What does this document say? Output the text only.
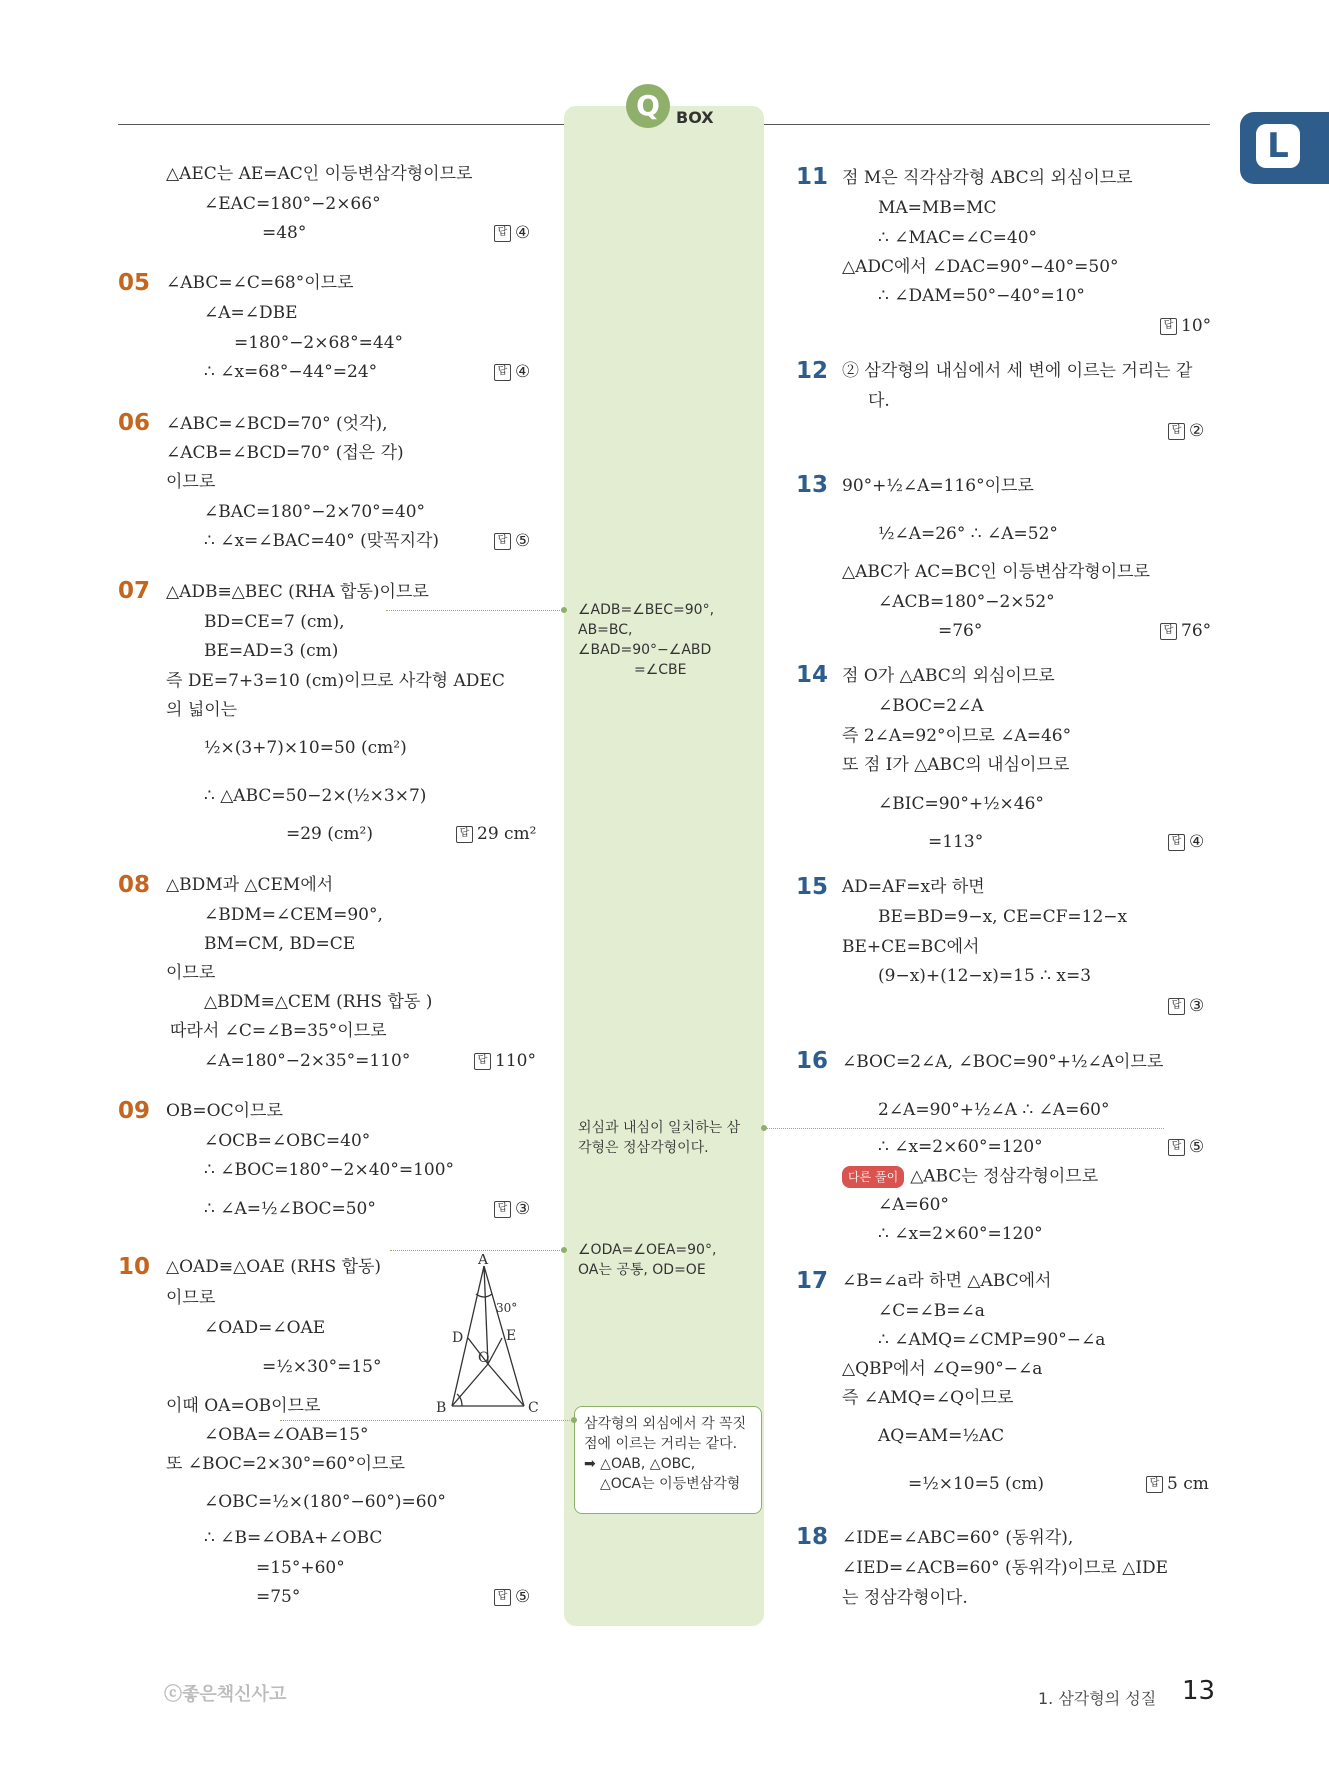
Q	BOX
L
△AEC는 AE=AC인 이등변삼각형이므로
∠EAC=180°−2×66°
=48°	답 ④
05 ∠ABC=∠C=68°이므로
∠A=∠DBE
=180°−2×68°=44°
∴ ∠x=68°−44°=24°	답 ④
06 ∠ABC=∠BCD=70° (엇각),
∠ACB=∠BCD=70° (접은 각)
이므로
∠BAC=180°−2×70°=40°
∴ ∠x=∠BAC=40° (맞꼭지각)	답 ⑤
07 △ADB≡△BEC (RHA 합동)이므로
BD=CE=7 (cm),
BE=AD=3 (cm)
즉 DE=7+3=10 (cm)이므로 사각형 ADEC
의 넓이는
½×(3+7)×10=50 (cm²)
∴ △ABC=50−2×(½×3×7)
=29 (cm²)	답 29 cm²
08 △BDM과 △CEM에서
∠BDM=∠CEM=90°,
BM=CM, BD=CE
이므로
△BDM≡△CEM (RHS 합동 )
따라서 ∠C=∠B=35°이므로
∠A=180°−2×35°=110°	답 110°
09 OB=OC이므로
∠OCB=∠OBC=40°
∴ ∠BOC=180°−2×40°=100°
∴ ∠A=½∠BOC=50°	답 ③
10 △OAD≡△OAE (RHS 합동)
이므로
∠OAD=∠OAE
=½×30°=15°
이때 OA=OB이므로
∠OBA=∠OAB=15°
또 ∠BOC=2×30°=60°이므로
∠OBC=½×(180°−60°)=60°
∴ ∠B=∠OBA+∠OBC
=15°+60°
=75°	답 ⑤
A
30°
D	E
O
B	C
∠ADB=∠BEC=90°,
AB=BC,
∠BAD=90°−∠ABD
=∠CBE
외심과 내심이 일치하는 삼
각형은 정삼각형이다.
∠ODA=∠OEA=90°,
OA는 공통, OD=OE
삼각형의 외심에서 각 꼭짓
점에 이르는 거리는 같다.
➡ △OAB, △OBC,
△OCA는 이등변삼각형
11 점 M은 직각삼각형 ABC의 외심이므로
MA=MB=MC
∴ ∠MAC=∠C=40°
△ADC에서 ∠DAC=90°−40°=50°
∴ ∠DAM=50°−40°=10°
답 10°
12 ② 삼각형의 내심에서 세 변에 이르는 거리는 같
다.
답 ②
13 90°+½∠A=116°이므로
½∠A=26° ∴ ∠A=52°
△ABC가 AC=BC인 이등변삼각형이므로
∠ACB=180°−2×52°
=76°	답 76°
14 점 O가 △ABC의 외심이므로
∠BOC=2∠A
즉 2∠A=92°이므로 ∠A=46°
또 점 I가 △ABC의 내심이므로
∠BIC=90°+½×46°
=113°	답 ④
15 AD=AF=x라 하면
BE=BD=9−x, CE=CF=12−x
BE+CE=BC에서
(9−x)+(12−x)=15 ∴ x=3
답 ③
16 ∠BOC=2∠A, ∠BOC=90°+½∠A이므로
2∠A=90°+½∠A ∴ ∠A=60°
∴ ∠x=2×60°=120°	답 ⑤
다른 풀이 △ABC는 정삼각형이므로
∠A=60°
∴ ∠x=2×60°=120°
17 ∠B=∠a라 하면 △ABC에서
∠C=∠B=∠a
∴ ∠AMQ=∠CMP=90°−∠a
△QBP에서 ∠Q=90°−∠a
즉 ∠AMQ=∠Q이므로
AQ=AM=½AC
=½×10=5 (cm)	답 5 cm
18 ∠IDE=∠ABC=60° (동위각),
∠IED=∠ACB=60° (동위각)이므로 △IDE
는 정삼각형이다.
ⓒ좋은책신사고	1. 삼각형의 성질 13
